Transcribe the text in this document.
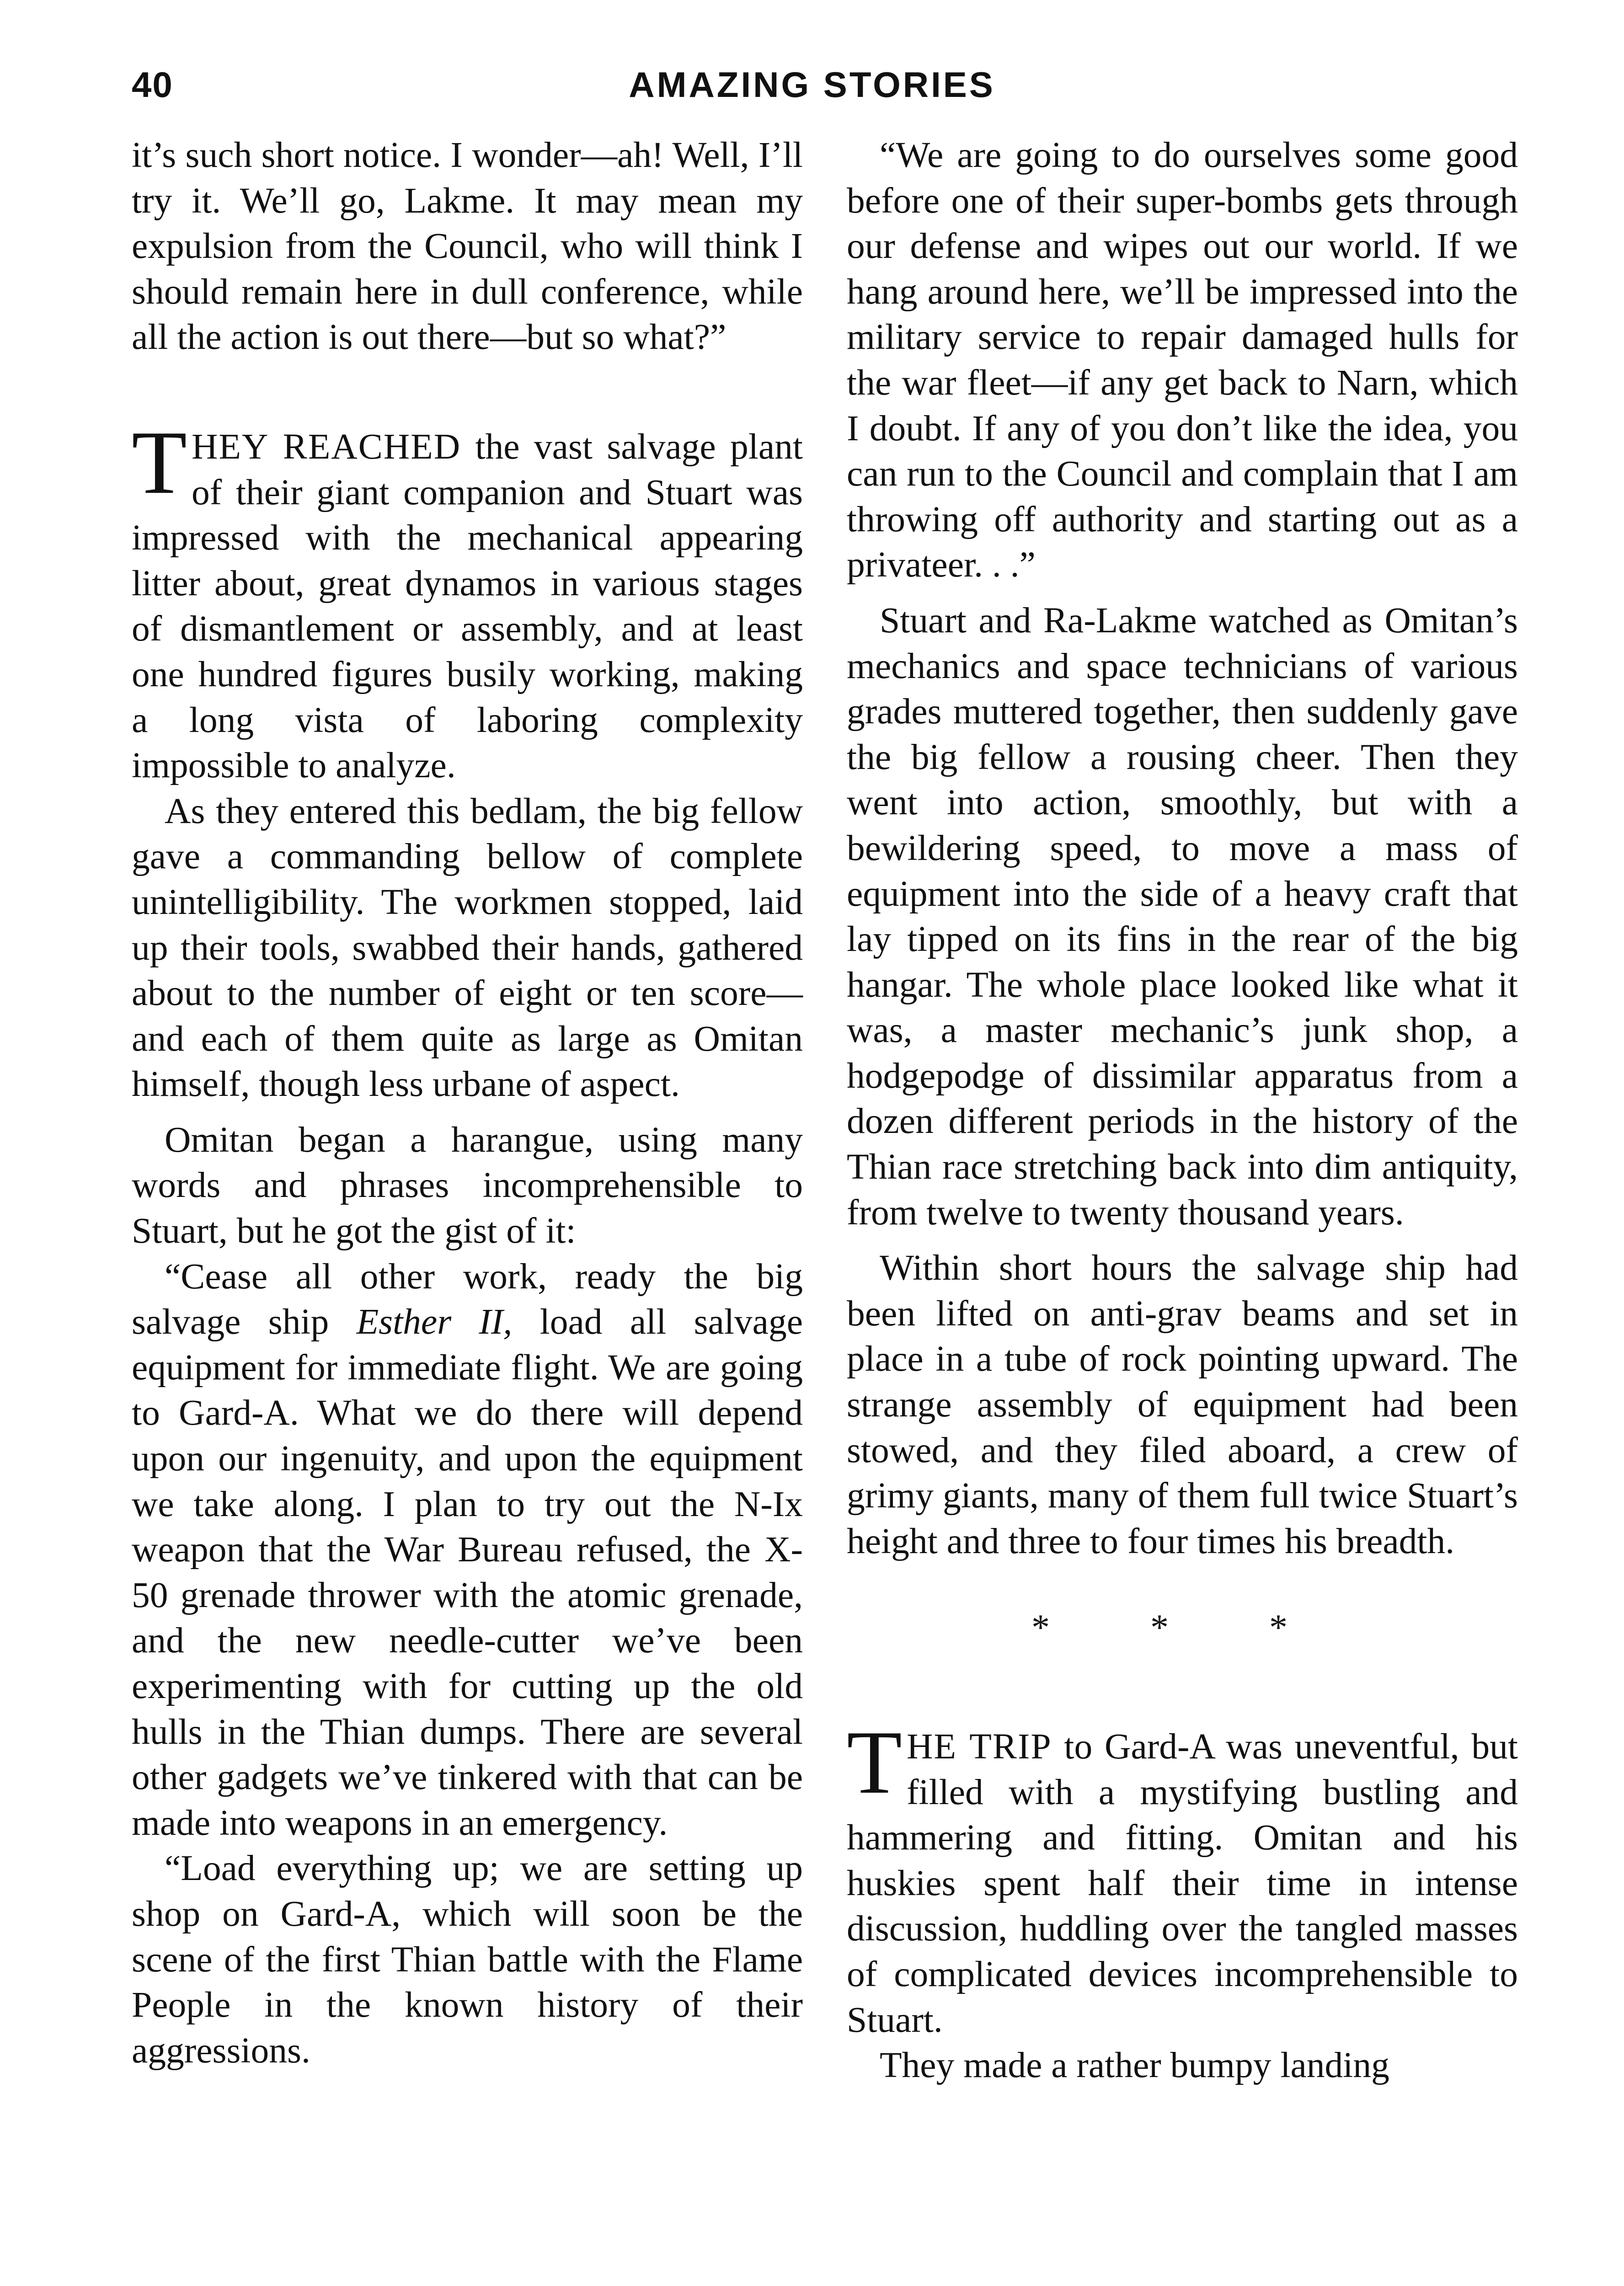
40	AMAZING STORIES

it’s such short notice. I wonder—ah! Well, I’ll try it. We’ll go, Lakme. It may mean my expulsion from the Council, who will think I should remain here in dull conference, while all the action is out there—but so what?”

THEY REACHED the vast salvage plant of their giant companion and Stuart was impressed with the mechanical appearing litter about, great dynamos in various stages of dismantlement or assembly, and at least one hundred figures busily working, making a long vista of laboring complexity impossible to analyze.

As they entered this bedlam, the big fellow gave a commanding bellow of complete unintelligibility. The workmen stopped, laid up their tools, swabbed their hands, gathered about to the number of eight or ten score—and each of them quite as large as Omitan himself, though less urbane of aspect.

Omitan began a harangue, using many words and phrases incomprehensible to Stuart, but he got the gist of it:

“Cease all other work, ready the big salvage ship Esther II, load all salvage equipment for immediate flight. We are going to Gard-A. What we do there will depend upon our ingenuity, and upon the equipment we take along. I plan to try out the N-Ix weapon that the War Bureau refused, the X-50 grenade thrower with the atomic grenade, and the new needle-cutter we’ve been experimenting with for cutting up the old hulls in the Thian dumps. There are several other gadgets we’ve tinkered with that can be made into weapons in an emergency.

“Load everything up; we are setting up shop on Gard-A, which will soon be the scene of the first Thian battle with the Flame People in the known history of their aggressions.

“We are going to do ourselves some good before one of their super-bombs gets through our defense and wipes out our world. If we hang around here, we’ll be impressed into the military service to repair damaged hulls for the war fleet—if any get back to Narn, which I doubt. If any of you don’t like the idea, you can run to the Council and complain that I am throwing off authority and starting out as a privateer. . .”

Stuart and Ra-Lakme watched as Omitan’s mechanics and space technicians of various grades muttered together, then suddenly gave the big fellow a rousing cheer. Then they went into action, smoothly, but with a bewildering speed, to move a mass of equipment into the side of a heavy craft that lay tipped on its fins in the rear of the big hangar. The whole place looked like what it was, a master mechanic’s junk shop, a hodgepodge of dissimilar apparatus from a dozen different periods in the history of the Thian race stretching back into dim antiquity, from twelve to twenty thousand years.

Within short hours the salvage ship had been lifted on anti-grav beams and set in place in a tube of rock pointing upward. The strange assembly of equipment had been stowed, and they filed aboard, a crew of grimy giants, many of them full twice Stuart’s height and three to four times his breadth.

* * *

THE TRIP to Gard-A was uneventful, but filled with a mystifying bustling and hammering and fitting. Omitan and his huskies spent half their time in intense discussion, huddling over the tangled masses of complicated devices incomprehensible to Stuart.

They made a rather bumpy landing
